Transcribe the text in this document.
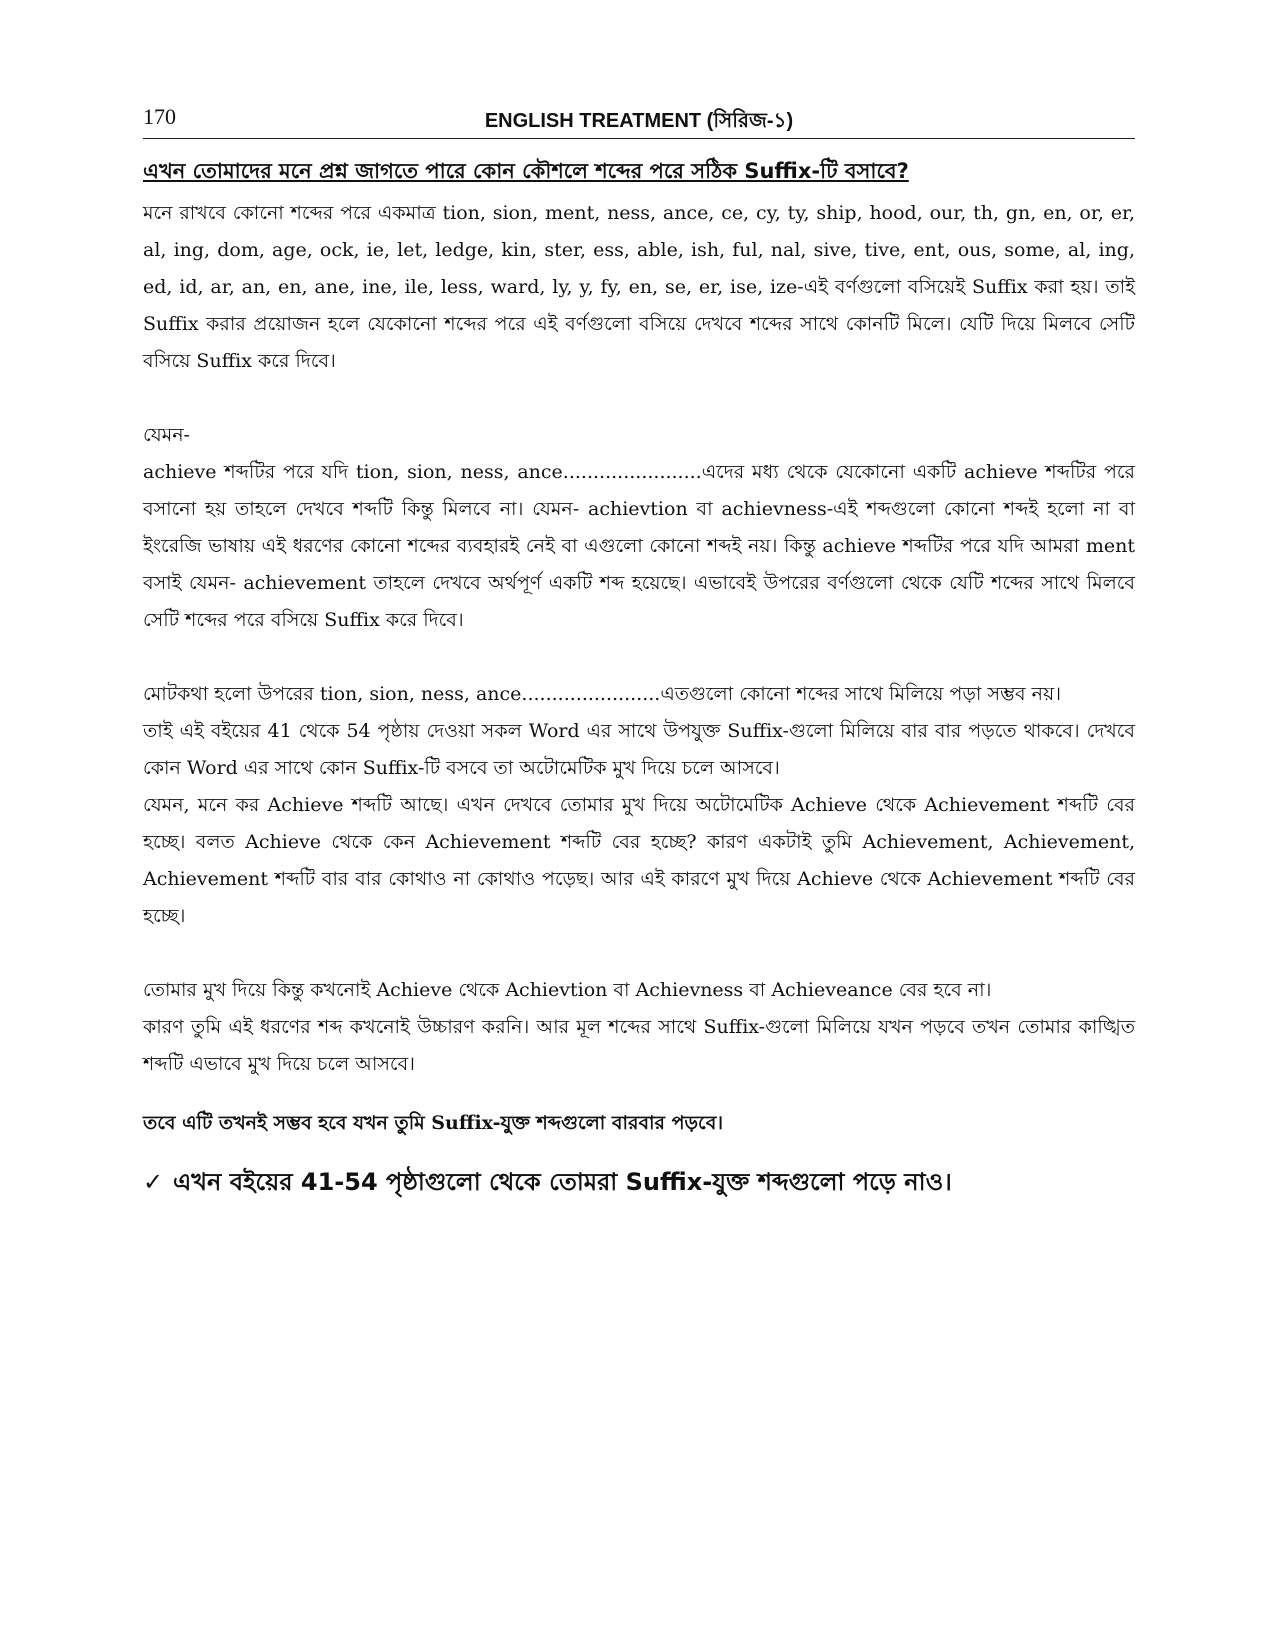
170	ENGLISH TREATMENT (সিরিজ-১)
এখন তোমাদের মনে প্রশ্ন জাগতে পারে কোন কৌশলে শব্দের পরে সঠিক Suffix-টি বসাবে?

মনে রাখবে কোনো শব্দের পরে একমাত্র tion, sion, ment, ness, ance, ce, cy, ty, ship, hood, our, th, gn, en, or, er, al, ing, dom, age, ock, ie, let, ledge, kin, ster, ess, able, ish, ful, nal, sive, tive, ent, ous, some, al, ing, ed, id, ar, an, en, ane, ine, ile, less, ward, ly, y, fy, en, se, er, ise, ize-এই বর্ণগুলো বসিয়েই Suffix করা হয়। তাই Suffix করার প্রয়োজন হলে যেকোনো শব্দের পরে এই বর্ণগুলো বসিয়ে দেখবে শব্দের সাথে কোনটি মিলে। যেটি দিয়ে মিলবে সেটি বসিয়ে Suffix করে দিবে।

যেমন-

achieve শব্দটির পরে যদি tion, sion, ness, ance.......................এদের মধ্য থেকে যেকোনো একটি achieve শব্দটির পরে বসানো হয় তাহলে দেখবে শব্দটি কিন্তু মিলবে না। যেমন- achievtion বা achievness-এই শব্দগুলো কোনো শব্দই হলো না বা ইংরেজি ভাষায় এই ধরণের কোনো শব্দের ব্যবহারই নেই বা এগুলো কোনো শব্দই নয়। কিন্তু achieve শব্দটির পরে যদি আমরা ment বসাই যেমন- achievement তাহলে দেখবে অর্থপূর্ণ একটি শব্দ হয়েছে। এভাবেই উপরের বর্ণগুলো থেকে যেটি শব্দের সাথে মিলবে সেটি শব্দের পরে বসিয়ে Suffix করে দিবে।

মোটকথা হলো উপরের tion, sion, ness, ance.......................এতগুলো কোনো শব্দের সাথে মিলিয়ে পড়া সম্ভব নয়।

তাই এই বইয়ের 41 থেকে 54 পৃষ্ঠায় দেওয়া সকল Word এর সাথে উপযুক্ত Suffix-গুলো মিলিয়ে বার বার পড়তে থাকবে। দেখবে কোন Word এর সাথে কোন Suffix-টি বসবে তা অটোমেটিক মুখ দিয়ে চলে আসবে।

যেমন, মনে কর Achieve শব্দটি আছে। এখন দেখবে তোমার মুখ দিয়ে অটোমেটিক Achieve থেকে Achievement শব্দটি বের হচ্ছে। বলত Achieve থেকে কেন Achievement শব্দটি বের হচ্ছে? কারণ একটাই তুমি Achievement, Achievement, Achievement শব্দটি বার বার কোথাও না কোথাও পড়েছ। আর এই কারণে মুখ দিয়ে Achieve থেকে Achievement শব্দটি বের হচ্ছে।

তোমার মুখ দিয়ে কিন্তু কখনোই Achieve থেকে Achievtion বা Achievness বা Achieveance বের হবে না।

কারণ তুমি এই ধরণের শব্দ কখনোই উচ্চারণ করনি। আর মূল শব্দের সাথে Suffix-গুলো মিলিয়ে যখন পড়বে তখন তোমার কাঙ্খিত শব্দটি এভাবে মুখ দিয়ে চলে আসবে।

তবে এটি তখনই সম্ভব হবে যখন তুমি Suffix-যুক্ত শব্দগুলো বারবার পড়বে।

✓ এখন বইয়ের 41-54 পৃষ্ঠাগুলো থেকে তোমরা Suffix-যুক্ত শব্দগুলো পড়ে নাও।
